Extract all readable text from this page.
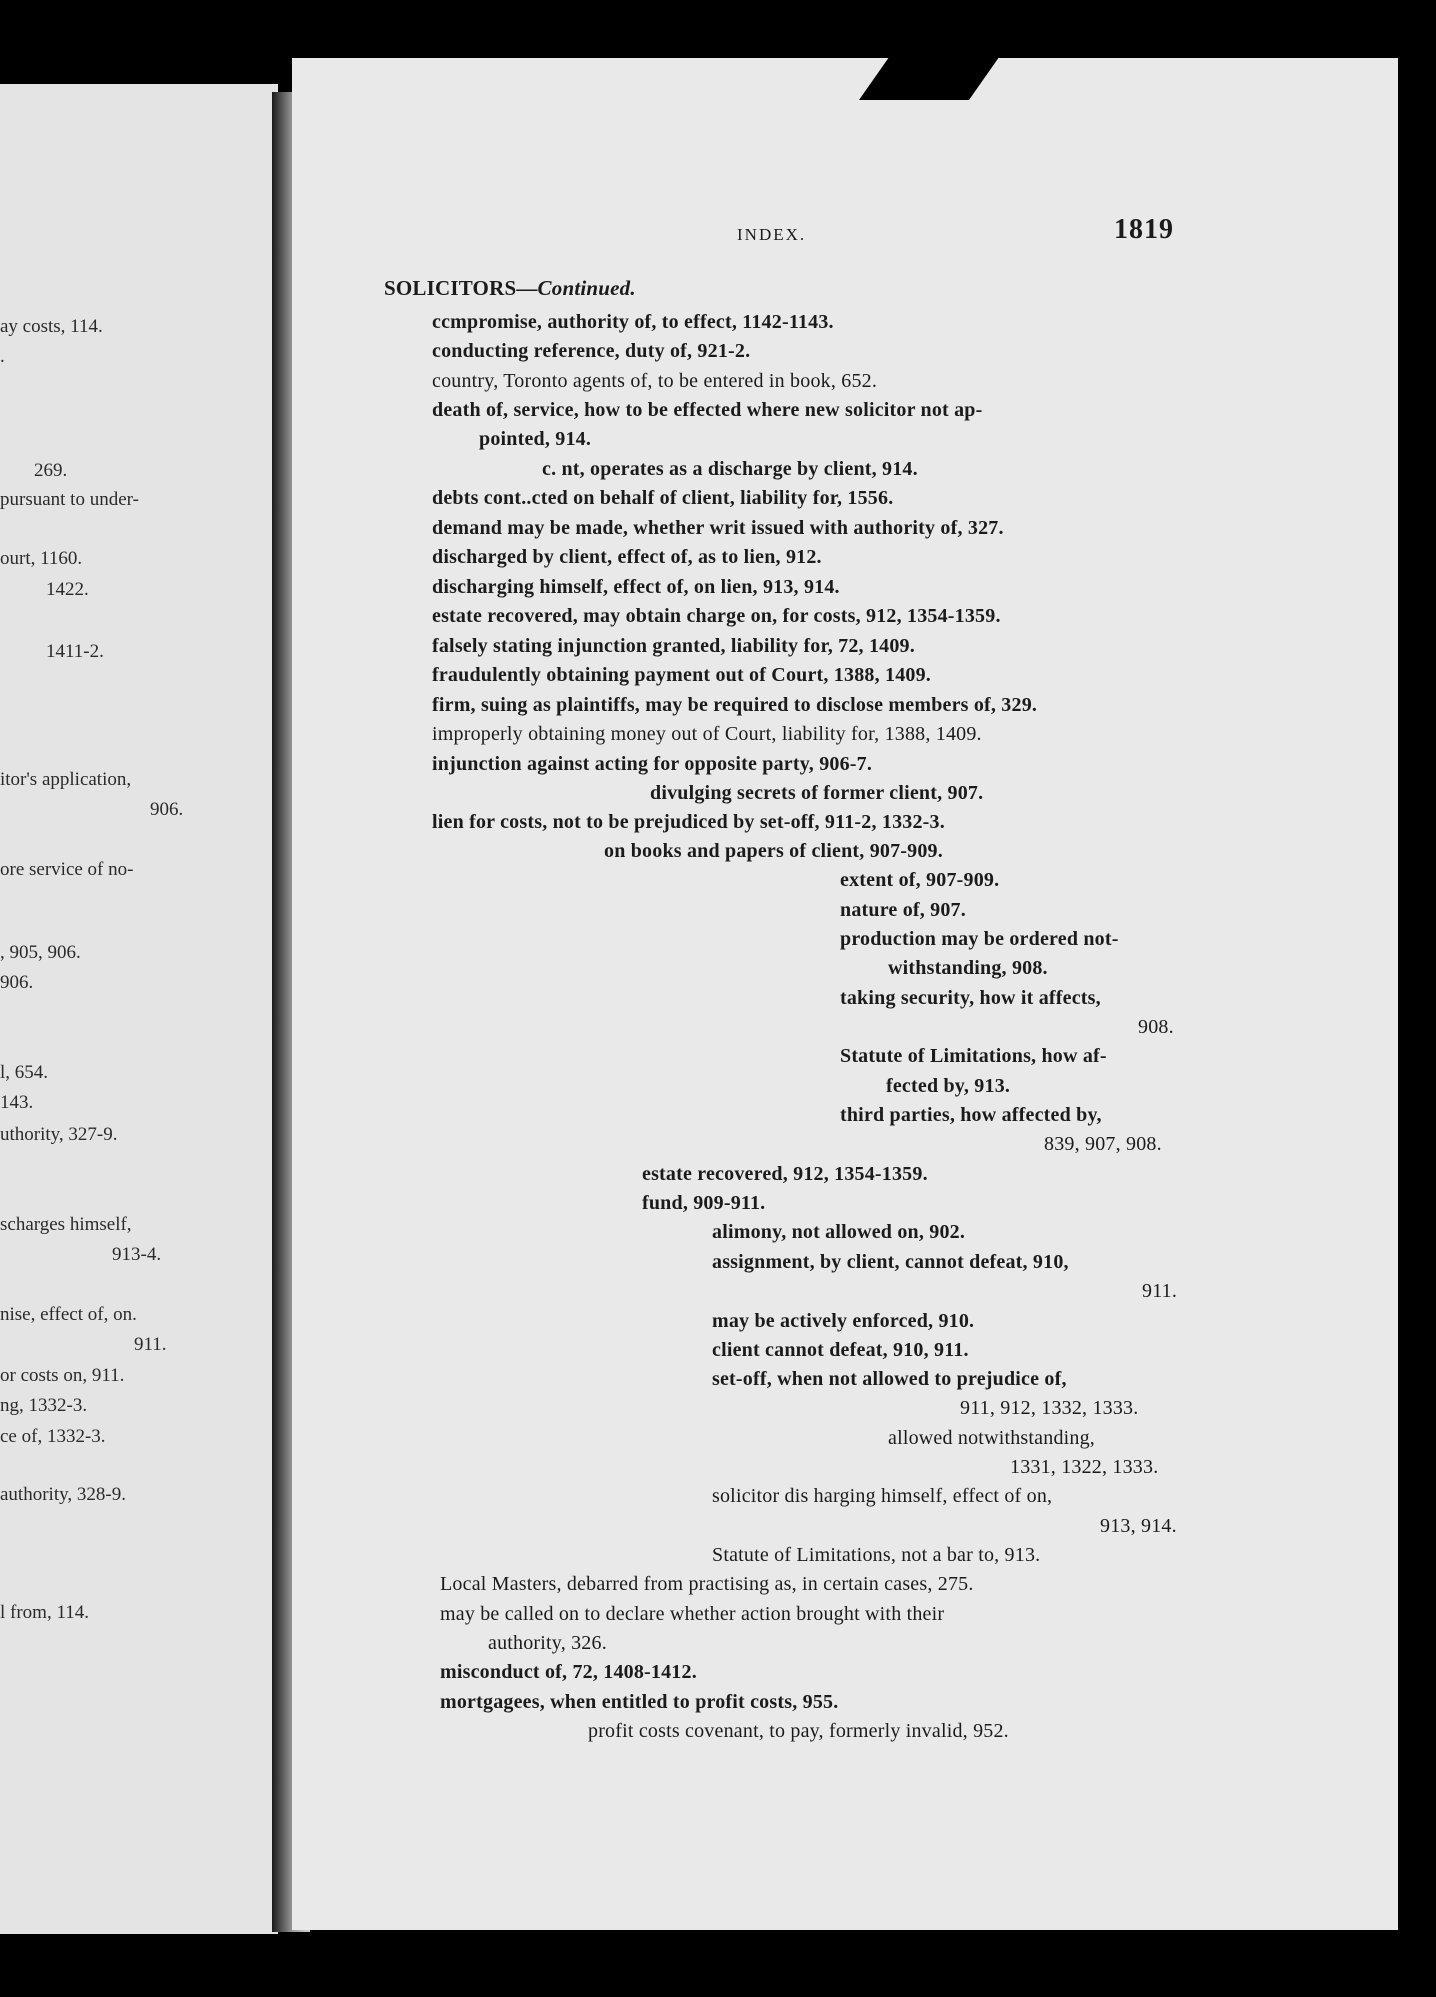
ay costs, 114.
.
269.
pursuant to under-
ourt, 1160.
1422.
1411-2.
itor's application,
906.
ore service of no-
, 905, 906.
906.
l, 654.
143.
uthority, 327-9.
scharges himself,
913-4.
nise, effect of, on.
911.
or costs on, 911.
ng, 1332-3.
ce of, 1332-3.
authority, 328-9.
l from, 114.
INDEX.	1819
SOLICITORS—Continued.
ccmpromise, authority of, to effect, 1142-1143.
conducting reference, duty of, 921-2.
country, Toronto agents of, to be entered in book, 652.
death of, service, how to be effected where new solicitor not ap-
pointed, 914.
c. nt, operates as a discharge by client, 914.
debts cont..cted on behalf of client, liability for, 1556.
demand may be made, whether writ issued with authority of, 327.
discharged by client, effect of, as to lien, 912.
discharging himself, effect of, on lien, 913, 914.
estate recovered, may obtain charge on, for costs, 912, 1354-1359.
falsely stating injunction granted, liability for, 72, 1409.
fraudulently obtaining payment out of Court, 1388, 1409.
firm, suing as plaintiffs, may be required to disclose members of, 329.
improperly obtaining money out of Court, liability for, 1388, 1409.
injunction against acting for opposite party, 906-7.
divulging secrets of former client, 907.
lien for costs, not to be prejudiced by set-off, 911-2, 1332-3.
on books and papers of client, 907-909.
extent of, 907-909.
nature of, 907.
production may be ordered not-
withstanding, 908.
taking security, how it affects,
908.
Statute of Limitations, how af-
fected by, 913.
third parties, how affected by,
839, 907, 908.
estate recovered, 912, 1354-1359.
fund, 909-911.
alimony, not allowed on, 902.
assignment, by client, cannot defeat, 910,
911.
may be actively enforced, 910.
client cannot defeat, 910, 911.
set-off, when not allowed to prejudice of,
911, 912, 1332, 1333.
allowed notwithstanding,
1331, 1322, 1333.
solicitor dis harging himself, effect of on,
913, 914.
Statute of Limitations, not a bar to, 913.
Local Masters, debarred from practising as, in certain cases, 275.
may be called on to declare whether action brought with their
authority, 326.
misconduct of, 72, 1408-1412.
mortgagees, when entitled to profit costs, 955.
profit costs covenant, to pay, formerly invalid, 952.
